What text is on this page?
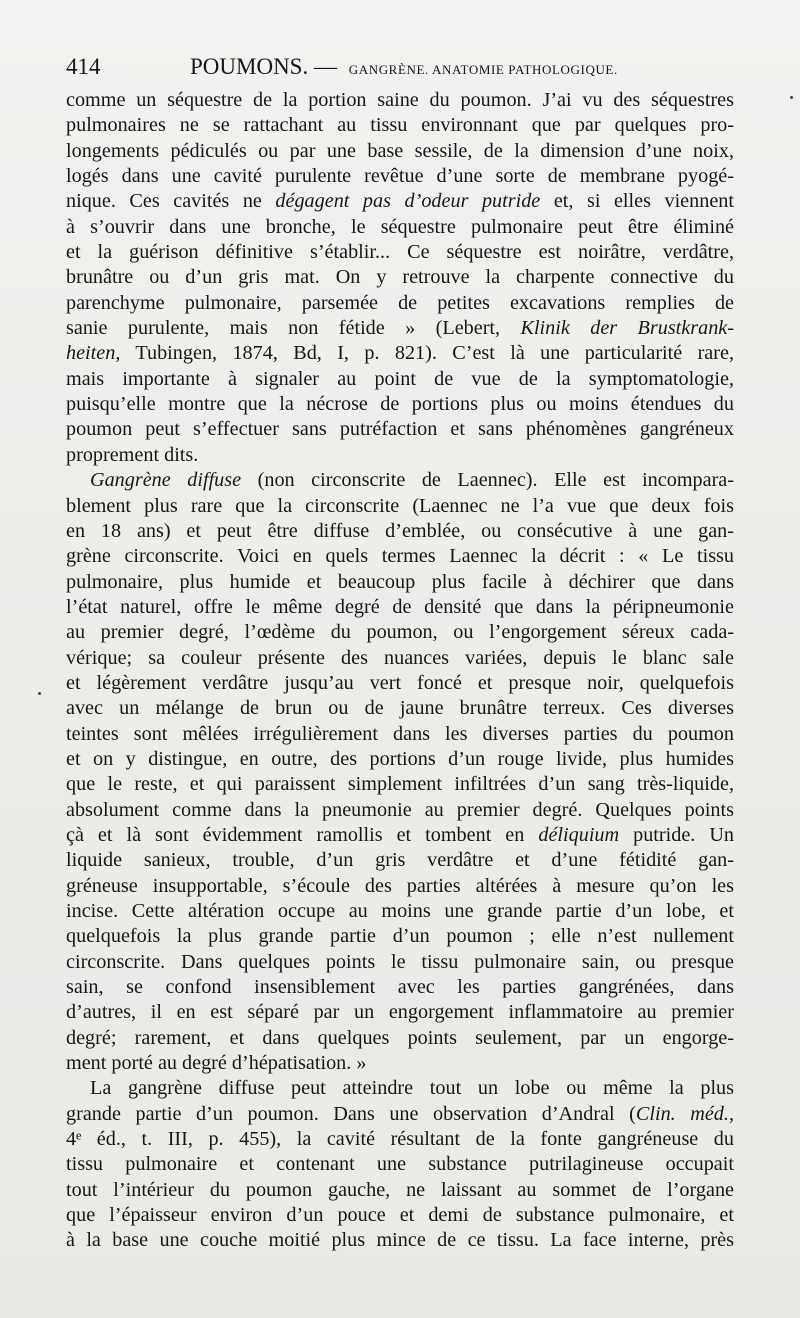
414	POUMONS. — GANGRÈNE. ANATOMIE PATHOLOGIQUE.
comme un séquestre de la portion saine du poumon. J’ai vu des séquestres
pulmonaires ne se rattachant au tissu environnant que par quelques pro-
longements pédiculés ou par une base sessile, de la dimension d’une noix,
logés dans une cavité purulente revêtue d’une sorte de membrane pyogé-
nique. Ces cavités ne dégagent pas d’odeur putride et, si elles viennent
à s’ouvrir dans une bronche, le séquestre pulmonaire peut être éliminé
et la guérison définitive s’établir... Ce séquestre est noirâtre, verdâtre,
brunâtre ou d’un gris mat. On y retrouve la charpente connective du
parenchyme pulmonaire, parsemée de petites excavations remplies de
sanie purulente, mais non fétide » (Lebert, Klinik der Brustkrank-
heiten, Tubingen, 1874, Bd, I, p. 821). C’est là une particularité rare,
mais importante à signaler au point de vue de la symptomatologie,
puisqu’elle montre que la nécrose de portions plus ou moins étendues du
poumon peut s’effectuer sans putréfaction et sans phénomènes gangréneux
proprement dits.
Gangrène diffuse (non circonscrite de Laennec). Elle est incompara-
blement plus rare que la circonscrite (Laennec ne l’a vue que deux fois
en 18 ans) et peut être diffuse d’emblée, ou consécutive à une gan-
grène circonscrite. Voici en quels termes Laennec la décrit : « Le tissu
pulmonaire, plus humide et beaucoup plus facile à déchirer que dans
l’état naturel, offre le même degré de densité que dans la péripneumonie
au premier degré, l’œdème du poumon, ou l’engorgement séreux cada-
vérique; sa couleur présente des nuances variées, depuis le blanc sale
et légèrement verdâtre jusqu’au vert foncé et presque noir, quelquefois
avec un mélange de brun ou de jaune brunâtre terreux. Ces diverses
teintes sont mêlées irrégulièrement dans les diverses parties du poumon
et on y distingue, en outre, des portions d’un rouge livide, plus humides
que le reste, et qui paraissent simplement infiltrées d’un sang très-liquide,
absolument comme dans la pneumonie au premier degré. Quelques points
çà et là sont évidemment ramollis et tombent en déliquium putride. Un
liquide sanieux, trouble, d’un gris verdâtre et d’une fétidité gan-
gréneuse insupportable, s’écoule des parties altérées à mesure qu’on les
incise. Cette altération occupe au moins une grande partie d’un lobe, et
quelquefois la plus grande partie d’un poumon ; elle n’est nullement
circonscrite. Dans quelques points le tissu pulmonaire sain, ou presque
sain, se confond insensiblement avec les parties gangrénées, dans
d’autres, il en est séparé par un engorgement inflammatoire au premier
degré; rarement, et dans quelques points seulement, par un engorge-
ment porté au degré d’hépatisation. »
La gangrène diffuse peut atteindre tout un lobe ou même la plus
grande partie d’un poumon. Dans une observation d’Andral (Clin. méd.,
4ᵉ éd., t. III, p. 455), la cavité résultant de la fonte gangréneuse du
tissu pulmonaire et contenant une substance putrilagineuse occupait
tout l’intérieur du poumon gauche, ne laissant au sommet de l’organe
que l’épaisseur environ d’un pouce et demi de substance pulmonaire, et
à la base une couche moitié plus mince de ce tissu. La face interne, près
